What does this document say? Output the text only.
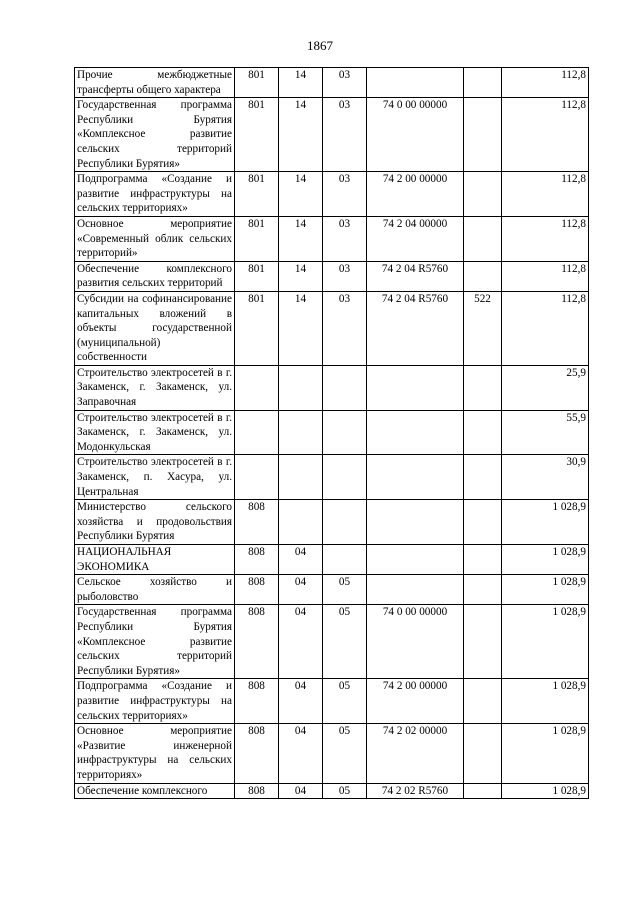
1867
Прочие межбюджетные трансферты общего характера	801	14	03			112,8
Государственная программа Республики Бурятия «Комплексное развитие сельских территорий Республики Бурятия»	801	14	03	74 0 00 00000		112,8
Подпрограмма «Создание и развитие инфраструктуры на сельских территориях»	801	14	03	74 2 00 00000		112,8
Основное мероприятие «Современный облик сельских территорий»	801	14	03	74 2 04 00000		112,8
Обеспечение комплексного развития сельских территорий	801	14	03	74 2 04 R5760		112,8
Субсидии на софинансирование капитальных вложений в объекты государственной (муниципальной) собственности	801	14	03	74 2 04 R5760	522	112,8
Строительство электросетей в г. Закаменск, г. Закаменск, ул. Заправочная						25,9
Строительство электросетей в г. Закаменск, г. Закаменск, ул. Модонкульская						55,9
Строительство электросетей в г. Закаменск, п. Хасура, ул. Центральная						30,9
Министерство сельского хозяйства и продовольствия Республики Бурятия	808					1 028,9
НАЦИОНАЛЬНАЯ ЭКОНОМИКА	808	04				1 028,9
Сельское хозяйство и рыболовство	808	04	05			1 028,9
Государственная программа Республики Бурятия «Комплексное развитие сельских территорий Республики Бурятия»	808	04	05	74 0 00 00000		1 028,9
Подпрограмма «Создание и развитие инфраструктуры на сельских территориях»	808	04	05	74 2 00 00000		1 028,9
Основное мероприятие «Развитие инженерной инфраструктуры на сельских территориях»	808	04	05	74 2 02 00000		1 028,9
Обеспечение комплексного	808	04	05	74 2 02 R5760		1 028,9
